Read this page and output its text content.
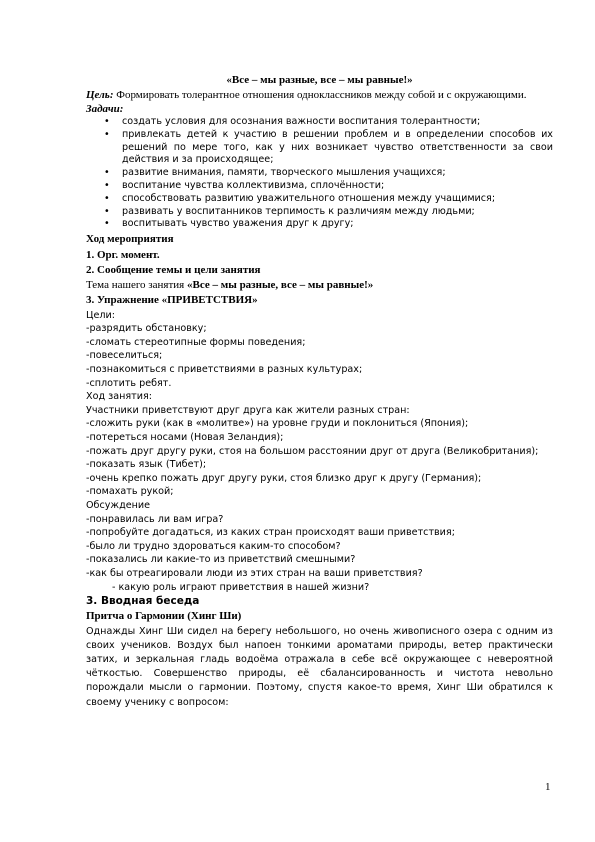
«Все – мы разные, все – мы равные!»

Цель: Формировать толерантное отношения одноклассников между собой и с окружающими.

Задачи:

• создать условия для осознания важности воспитания толерантности;
• привлекать детей к участию в решении проблем и в определении способов их решений по мере того, как у них возникает чувство ответственности за свои действия и за происходящее;
• развитие внимания, памяти, творческого мышления учащихся;
• воспитание чувства коллективизма, сплочённости;
• способствовать развитию уважительного отношения между учащимися;
• развивать у воспитанников терпимость к различиям между людьми;
• воспитывать чувство уважения друг к другу;

Ход мероприятия

1. Орг. момент.

2. Сообщение темы и цели занятия

Тема нашего занятия «Все – мы разные, все – мы равные!»

3. Упражнение «ПРИВЕТСТВИЯ»

Цели:

-разрядить обстановку;

-сломать стереотипные формы поведения;

-повеселиться;

-познакомиться с приветствиями в разных культурах;

-сплотить ребят.

Ход занятия:

Участники приветствуют друг друга как жители разных стран:

-сложить руки (как в «молитве») на уровне груди и поклониться (Япония);

-потереться носами (Новая Зеландия);

-пожать друг другу руки, стоя на большом расстоянии друг от друга (Великобритания);

-показать язык (Тибет);

-очень крепко пожать друг другу руки, стоя близко друг к другу (Германия);

-помахать рукой;

Обсуждение

-понравилась ли вам игра?

-попробуйте догадаться, из каких стран происходят ваши приветствия;

-было ли трудно здороваться каким-то способом?

-показались ли какие-то из приветствий смешными?

-как бы отреагировали люди из этих стран на ваши приветствия?

- какую роль играют приветствия в нашей жизни?

3. Вводная беседа

Притча о Гармонии (Хинг Ши)

Однажды Хинг Ши сидел на берегу небольшого, но очень живописного озера с одним из своих учеников. Воздух был напоен тонкими ароматами природы, ветер практически затих, и зеркальная гладь водоёма отражала в себе всё окружающее с невероятной чёткостью. Совершенство природы, её сбалансированность и чистота невольно порождали мысли о гармонии. Поэтому, спустя какое-то время, Хинг Ши обратился к своему ученику с вопросом:

1
